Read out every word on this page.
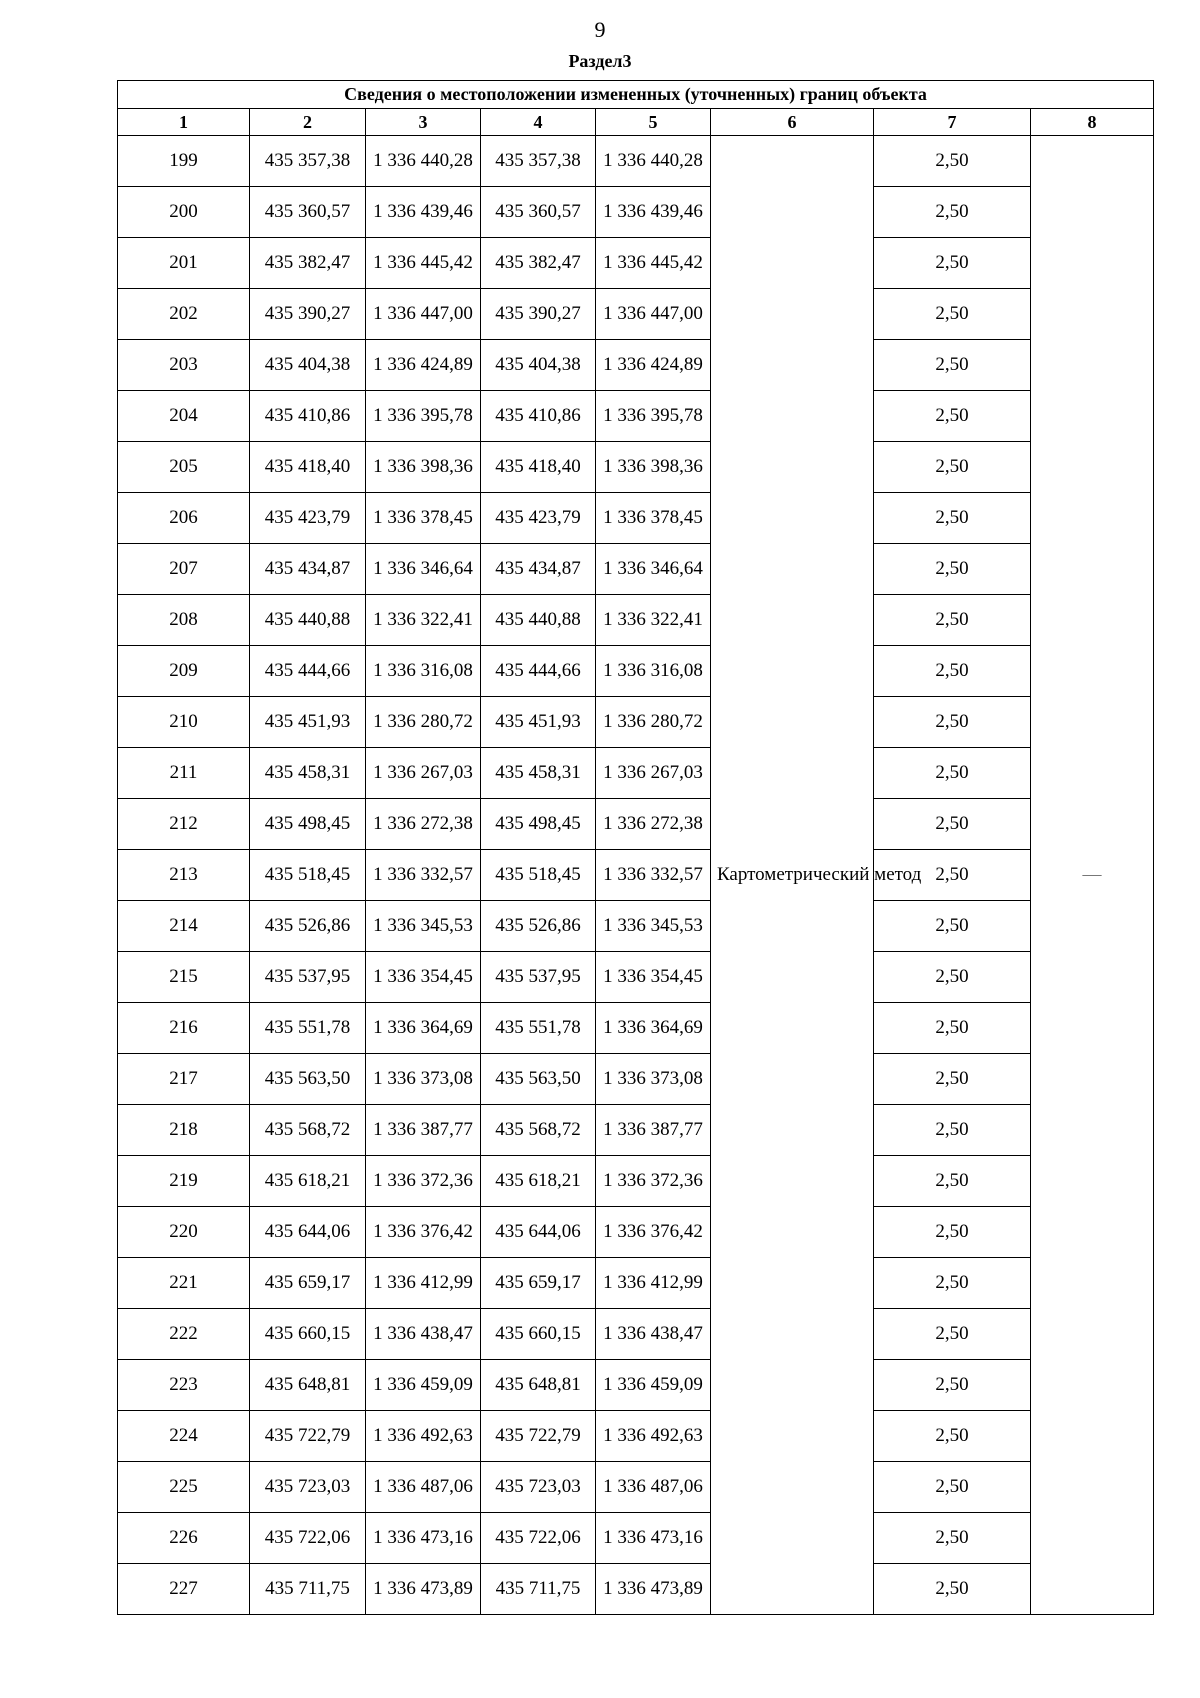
9
Раздел3
Сведения о местоположении измененных (уточненных) границ объекта							
1	2	3	4	5	6	7	8
199	435 357,38	1 336 440,28	435 357,38	1 336 440,28	Картометрический метод	2,50	—
200	435 360,57	1 336 439,46	435 360,57	1 336 439,46		2,50	
201	435 382,47	1 336 445,42	435 382,47	1 336 445,42		2,50	
202	435 390,27	1 336 447,00	435 390,27	1 336 447,00		2,50	
203	435 404,38	1 336 424,89	435 404,38	1 336 424,89		2,50	
204	435 410,86	1 336 395,78	435 410,86	1 336 395,78		2,50	
205	435 418,40	1 336 398,36	435 418,40	1 336 398,36		2,50	
206	435 423,79	1 336 378,45	435 423,79	1 336 378,45		2,50	
207	435 434,87	1 336 346,64	435 434,87	1 336 346,64		2,50	
208	435 440,88	1 336 322,41	435 440,88	1 336 322,41		2,50	
209	435 444,66	1 336 316,08	435 444,66	1 336 316,08		2,50	
210	435 451,93	1 336 280,72	435 451,93	1 336 280,72		2,50	
211	435 458,31	1 336 267,03	435 458,31	1 336 267,03		2,50	
212	435 498,45	1 336 272,38	435 498,45	1 336 272,38		2,50	
213	435 518,45	1 336 332,57	435 518,45	1 336 332,57		2,50	
214	435 526,86	1 336 345,53	435 526,86	1 336 345,53		2,50	
215	435 537,95	1 336 354,45	435 537,95	1 336 354,45		2,50	
216	435 551,78	1 336 364,69	435 551,78	1 336 364,69		2,50	
217	435 563,50	1 336 373,08	435 563,50	1 336 373,08		2,50	
218	435 568,72	1 336 387,77	435 568,72	1 336 387,77		2,50	
219	435 618,21	1 336 372,36	435 618,21	1 336 372,36		2,50	
220	435 644,06	1 336 376,42	435 644,06	1 336 376,42		2,50	
221	435 659,17	1 336 412,99	435 659,17	1 336 412,99		2,50	
222	435 660,15	1 336 438,47	435 660,15	1 336 438,47		2,50	
223	435 648,81	1 336 459,09	435 648,81	1 336 459,09		2,50	
224	435 722,79	1 336 492,63	435 722,79	1 336 492,63		2,50	
225	435 723,03	1 336 487,06	435 723,03	1 336 487,06		2,50	
226	435 722,06	1 336 473,16	435 722,06	1 336 473,16		2,50	
227	435 711,75	1 336 473,89	435 711,75	1 336 473,89		2,50	
